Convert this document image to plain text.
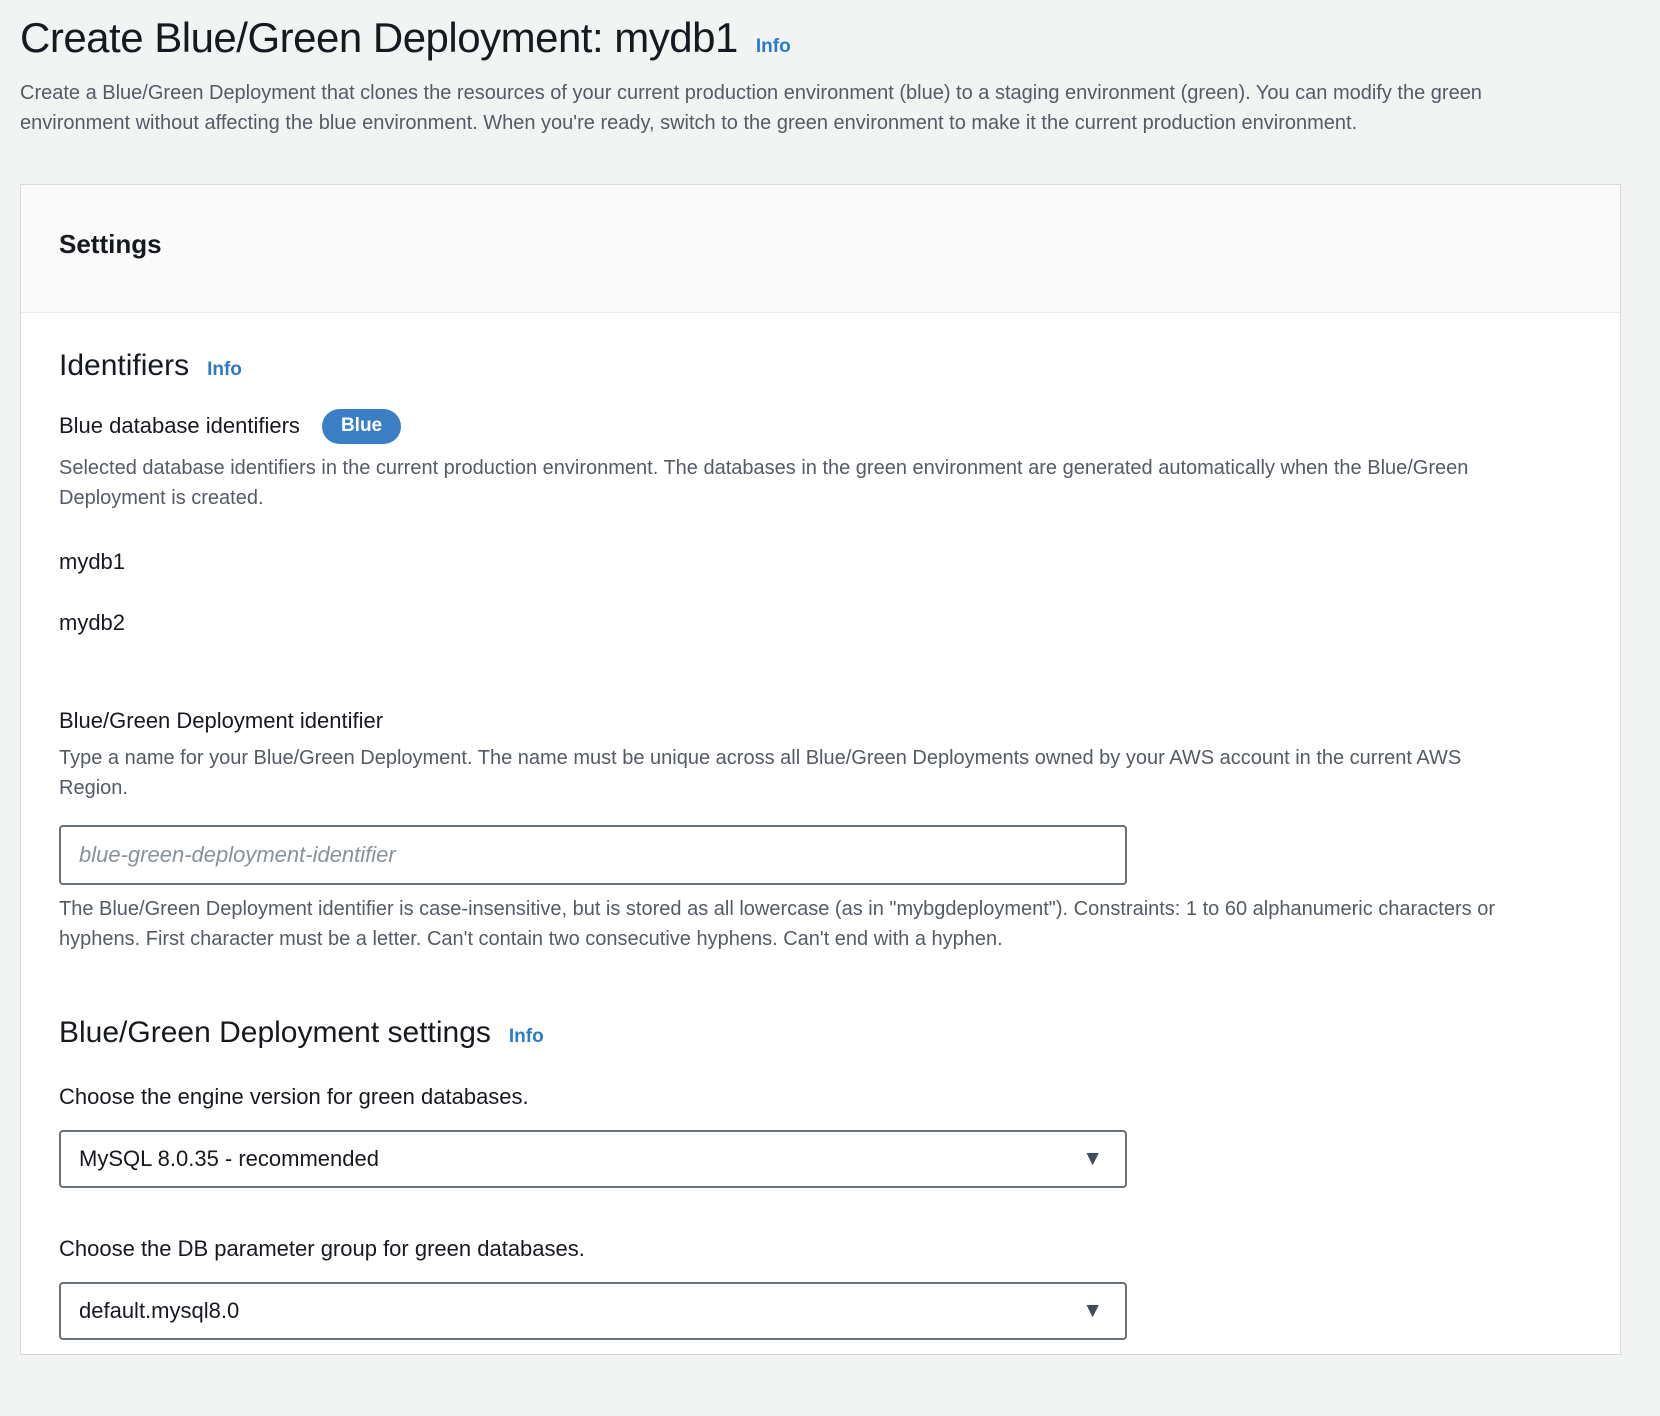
Create Blue/Green Deployment: mydb1 Info

Create a Blue/Green Deployment that clones the resources of your current production environment (blue) to a staging environment (green). You can modify the green environment without affecting the blue environment. When you're ready, switch to the green environment to make it the current production environment.

Settings
Identifiers Info
Blue database identifiers	Blue

Selected database identifiers in the current production environment. The databases in the green environment are generated automatically when the Blue/Green Deployment is created.

mydb1
mydb2
Blue/Green Deployment identifier

Type a name for your Blue/Green Deployment. The name must be unique across all Blue/Green Deployments owned by your AWS account in the current AWS Region.

blue-green-deployment-identifier

The Blue/Green Deployment identifier is case-insensitive, but is stored as all lowercase (as in "mybgdeployment"). Constraints: 1 to 60 alphanumeric characters or hyphens. First character must be a letter. Can't contain two consecutive hyphens. Can't end with a hyphen.

Blue/Green Deployment settings Info
Choose the engine version for green databases.
MySQL 8.0.35 - recommended	▼
Choose the DB parameter group for green databases.
default.mysql8.0	▼
